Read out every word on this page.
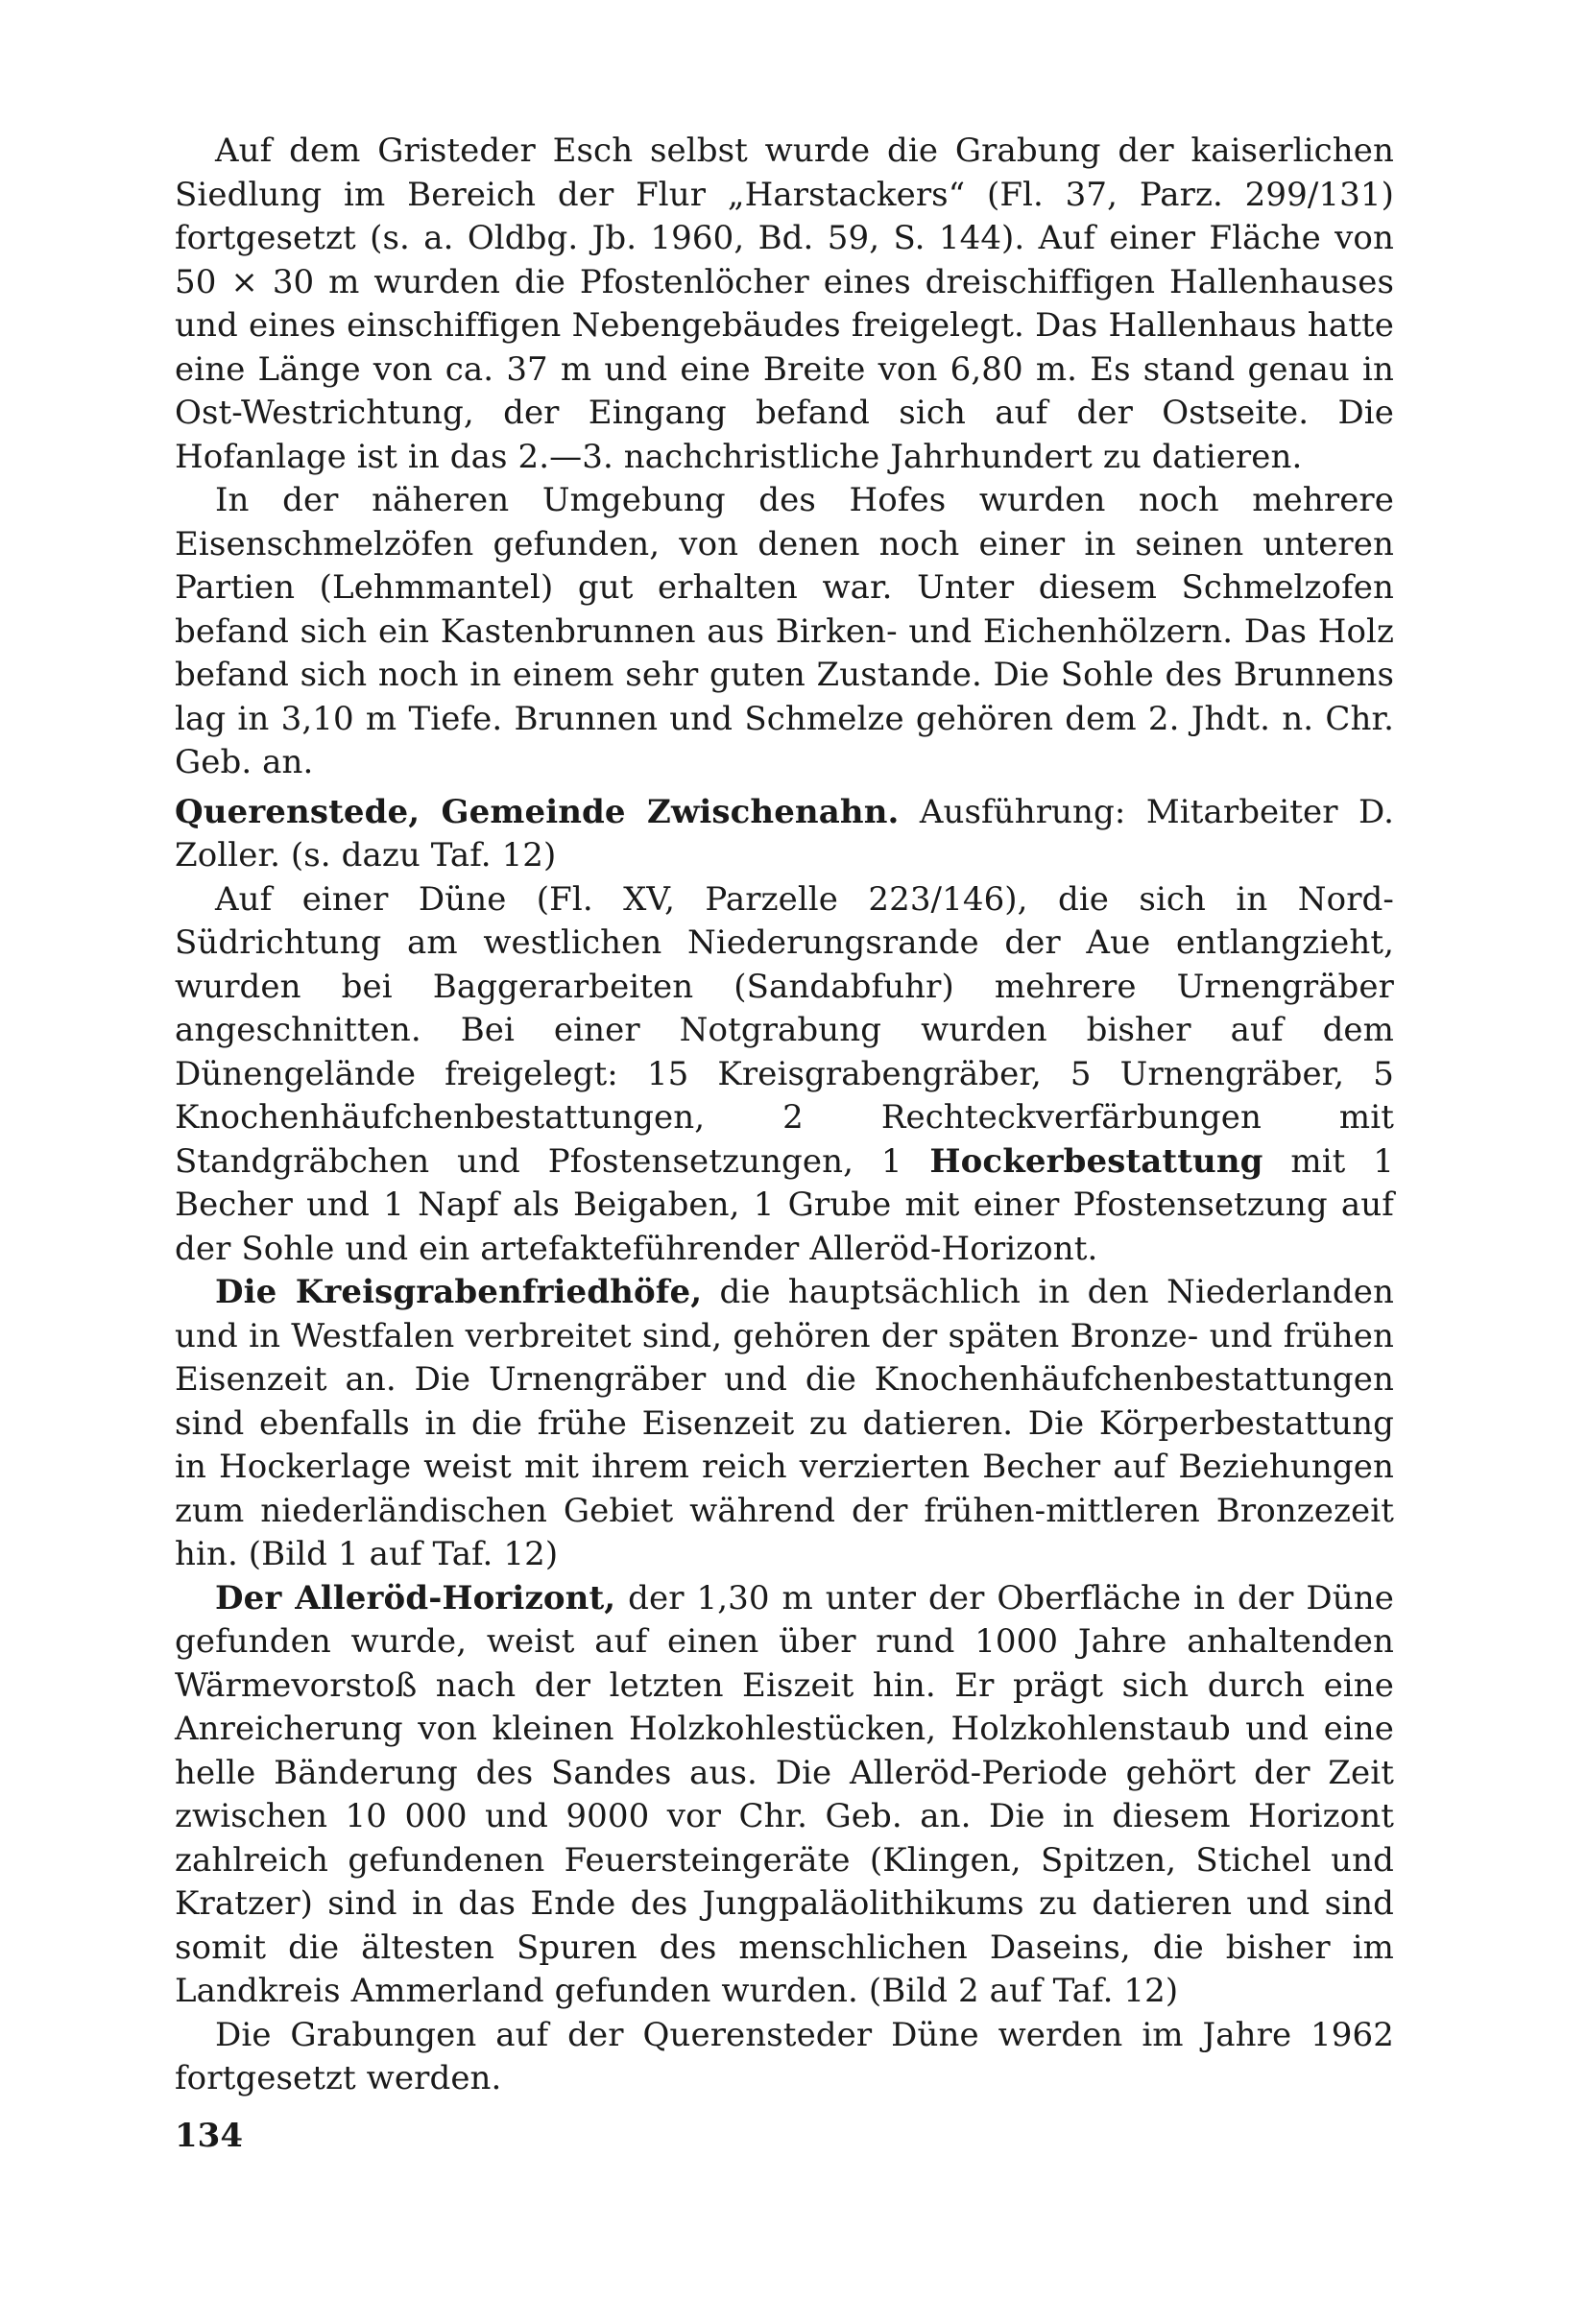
Auf dem Gristeder Esch selbst wurde die Grabung der kaiserlichen Siedlung im Bereich der Flur „Harstackers“ (Fl. 37, Parz. 299/131) fortgesetzt (s. a. Oldbg. Jb. 1960, Bd. 59, S. 144). Auf einer Fläche von 50 × 30 m wurden die Pfostenlöcher eines dreischiffigen Hallenhauses und eines einschiffigen Nebengebäudes freigelegt. Das Hallenhaus hatte eine Länge von ca. 37 m und eine Breite von 6,80 m. Es stand genau in Ost-Westrichtung, der Eingang befand sich auf der Ostseite. Die Hofanlage ist in das 2.—3. nachchristliche Jahrhundert zu datieren.

In der näheren Umgebung des Hofes wurden noch mehrere Eisenschmelzöfen gefunden, von denen noch einer in seinen unteren Partien (Lehmmantel) gut erhalten war. Unter diesem Schmelzofen befand sich ein Kastenbrunnen aus Birken- und Eichenhölzern. Das Holz befand sich noch in einem sehr guten Zustande. Die Sohle des Brunnens lag in 3,10 m Tiefe. Brunnen und Schmelze gehören dem 2. Jhdt. n. Chr. Geb. an.

Querenstede, Gemeinde Zwischenahn. Ausführung: Mitarbeiter D. Zoller. (s. dazu Taf. 12)

Auf einer Düne (Fl. XV, Parzelle 223/146), die sich in Nord-Südrichtung am westlichen Niederungsrande der Aue entlangzieht, wurden bei Baggerarbeiten (Sandabfuhr) mehrere Urnengräber angeschnitten. Bei einer Notgrabung wurden bisher auf dem Dünengelände freigelegt: 15 Kreisgrabengräber, 5 Urnengräber, 5 Knochenhäufchenbestattungen, 2 Rechteckverfärbungen mit Standgräbchen und Pfostensetzungen, 1 Hockerbestattung mit 1 Becher und 1 Napf als Beigaben, 1 Grube mit einer Pfostensetzung auf der Sohle und ein artefakteführender Alleröd-Horizont.

Die Kreisgrabenfriedhöfe, die hauptsächlich in den Niederlanden und in Westfalen verbreitet sind, gehören der späten Bronze- und frühen Eisenzeit an. Die Urnengräber und die Knochenhäufchenbestattungen sind ebenfalls in die frühe Eisenzeit zu datieren. Die Körperbestattung in Hockerlage weist mit ihrem reich verzierten Becher auf Beziehungen zum niederländischen Gebiet während der frühen-mittleren Bronzezeit hin. (Bild 1 auf Taf. 12)

Der Alleröd-Horizont, der 1,30 m unter der Oberfläche in der Düne gefunden wurde, weist auf einen über rund 1000 Jahre anhaltenden Wärmevorstoß nach der letzten Eiszeit hin. Er prägt sich durch eine Anreicherung von kleinen Holzkohlestücken, Holzkohlenstaub und eine helle Bänderung des Sandes aus. Die Alleröd-Periode gehört der Zeit zwischen 10 000 und 9000 vor Chr. Geb. an. Die in diesem Horizont zahlreich gefundenen Feuersteingeräte (Klingen, Spitzen, Stichel und Kratzer) sind in das Ende des Jungpaläolithikums zu datieren und sind somit die ältesten Spuren des menschlichen Daseins, die bisher im Landkreis Ammerland gefunden wurden. (Bild 2 auf Taf. 12)

Die Grabungen auf der Querensteder Düne werden im Jahre 1962 fortgesetzt werden.

134
